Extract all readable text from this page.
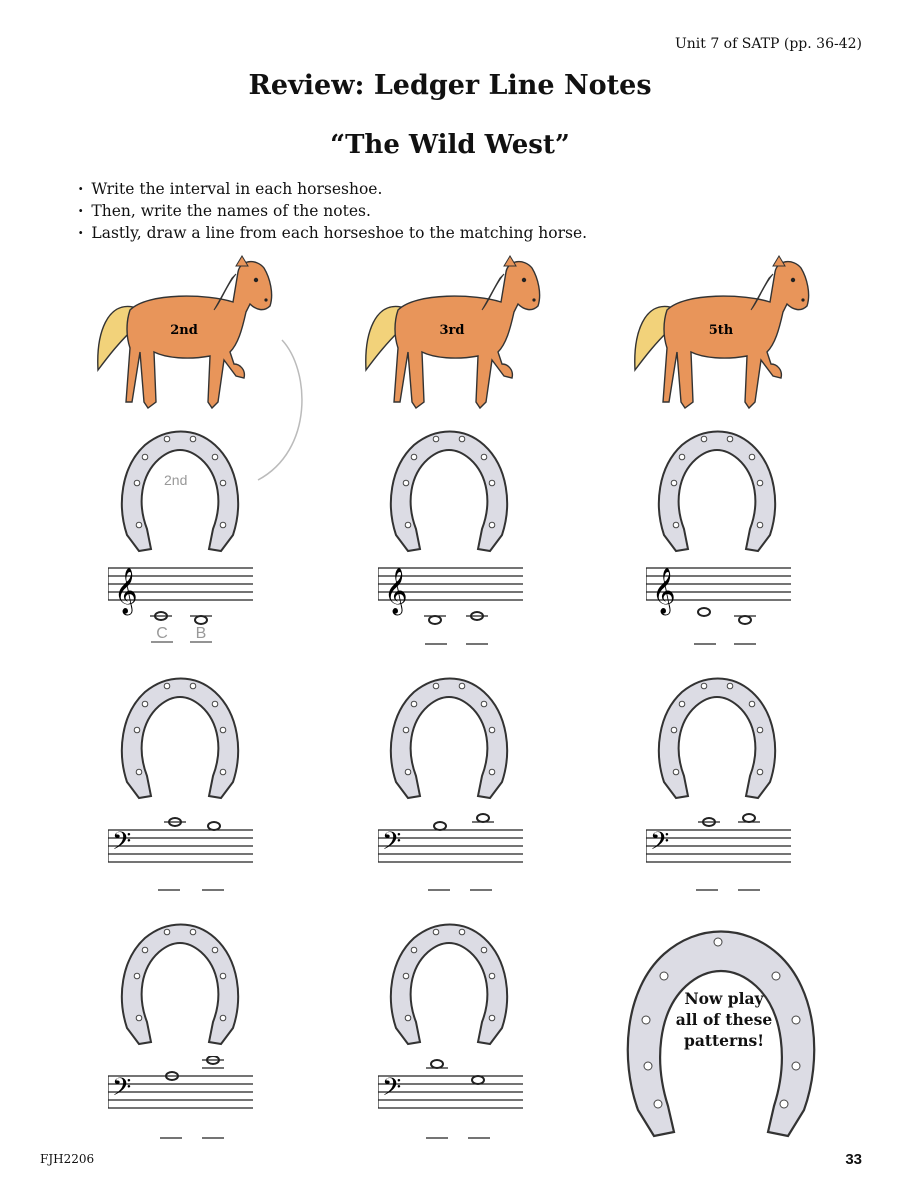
Unit 7 of SATP (pp. 36-42)
Review: Ledger Line Notes
“The Wild West”
· Write the interval in each horseshoe.
· Then, write the names of the notes.
· Lastly, draw a line from each horseshoe to the matching horse.
2nd	3rd	5th
2nd
Now play
all of these
patterns!
𝄞
C	B
𝄞	𝄞
𝄢	𝄢	𝄢
𝄢	𝄢
FJH2206	33
